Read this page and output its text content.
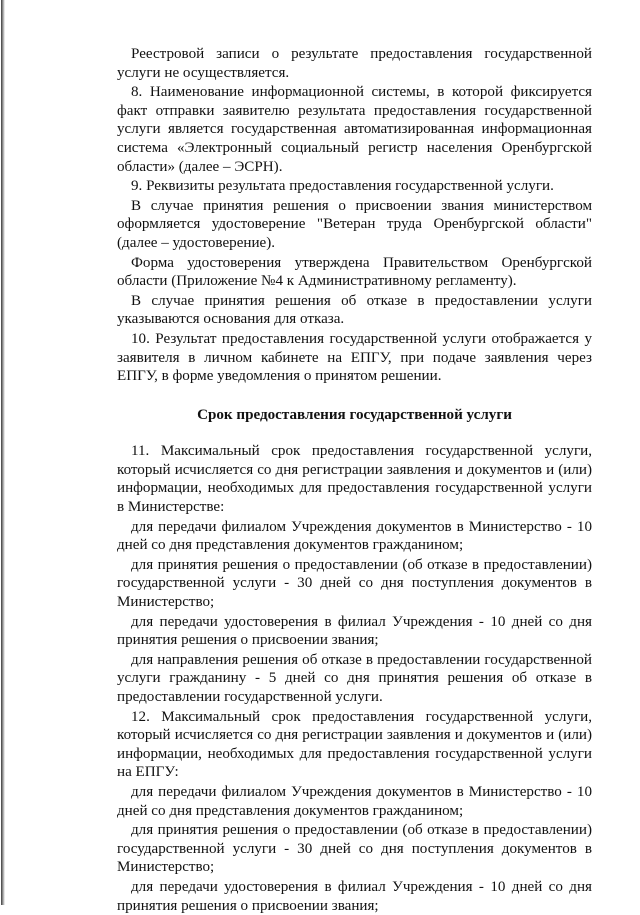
Реестровой записи о результате предоставления государственной услуги не осуществляется.

8. Наименование информационной системы, в которой фиксируется факт отправки заявителю результата предоставления государственной услуги является государственная автоматизированная информационная система «Электронный социальный регистр населения Оренбургской области» (далее – ЭСРН).

9. Реквизиты результата предоставления государственной услуги.

В случае принятия решения о присвоении звания министерством оформляется удостоверение "Ветеран труда Оренбургской области" (далее – удостоверение).

Форма удостоверения утверждена Правительством Оренбургской области (Приложение №4 к Административному регламенту).

В случае принятия решения об отказе в предоставлении услуги указываются основания для отказа.

10. Результат предоставления государственной услуги отображается у заявителя в личном кабинете на ЕПГУ, при подаче заявления через ЕПГУ, в форме уведомления о принятом решении.

Срок предоставления государственной услуги

11. Максимальный срок предоставления государственной услуги, который исчисляется со дня регистрации заявления и документов и (или) информации, необходимых для предоставления государственной услуги в Министерстве:

для передачи филиалом Учреждения документов в Министерство - 10 дней со дня представления документов гражданином;

для принятия решения о предоставлении (об отказе в предоставлении) государственной услуги - 30 дней со дня поступления документов в Министерство;

для передачи удостоверения в филиал Учреждения - 10 дней со дня принятия решения о присвоении звания;

для направления решения об отказе в предоставлении государственной услуги гражданину - 5 дней со дня принятия решения об отказе в предоставлении государственной услуги.

12. Максимальный срок предоставления государственной услуги, который исчисляется со дня регистрации заявления и документов и (или) информации, необходимых для предоставления государственной услуги на ЕПГУ:

для передачи филиалом Учреждения документов в Министерство - 10 дней со дня представления документов гражданином;

для принятия решения о предоставлении (об отказе в предоставлении) государственной услуги - 30 дней со дня поступления документов в Министерство;

для передачи удостоверения в филиал Учреждения - 10 дней со дня принятия решения о присвоении звания;
